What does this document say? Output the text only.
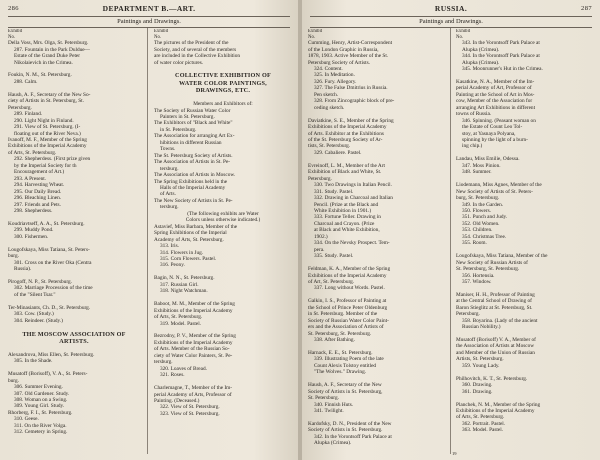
286	DEPARTMENT B.—ART.
Paintings and Drawings.
Exhibit
No.
Della Voss, Mrs. Olga, St. Petersburg.
287. Fountain in the Park Duldue—
Estate of the Grand Duke Peter
Nikolaievich in the Crimea.

Foukin, N. M., St. Petersburg.
288. Calm.

Haush, A. F., Secretary of the New So-
ciety of Artists in St. Petersburg, St.
Petersburg.
289. Finland.
290. Light Night in Finland.
291. View of St. Petersburg. (I-
floating out of the River Neva.)
Ivanoff, M. F., Member of the Spring
Exhibitions of the Imperial Academy
of Arts, St. Petersburg.
292. Shepherdess. (First prize given
by the Imperial Society for th
Encouragement of Art.)
293. A Present.
294. Harvesting Wheat.
295. Our Daily Bread.
296. Bleaching Linen.
297. Friends and Pets.
298. Shepherdess.

Koudriavtseff, A. A., St. Petersburg.
299. Muddy Pond.
300. Fishermen.

Lougofskaya, Miss Tatiana, St. Peters-
burg.
301. Cross on the River Oka (Centra
Russia).

Pirogoff, N. P., St. Petersburg.
302. Marriage Procession of the time
of the "Silent Tsar."

Ter-Minasiants, Ch. D., St. Petersburg.
303. Cow. (Study.)
304. Reindeer. (Study.)

THE MOSCOW ASSOCIATION OF
ARTISTS.

Alexandrova, Miss Ellen, St. Petersburg.
305. In the Shade.

Musatoff (Borisoff), V. A., St. Peters-
burg.
306. Summer Evening.
307. Old Gardener. Study.
308. Woman on a Swing.
309. Young Girl. Study.
Rhorberg, F. I., St. Petersburg.
310. Geese.
311. On the River Volga.
312. Cemetery in Spring.
Exhibit
No.
The pictures of the President of the
Society, and of several of the members
are included in the Collective Exhibition
of water color pictures.

COLLECTIVE EXHIBITION OF
WATER COLOR PAINTINGS,
DRAWINGS, ETC.

Members and Exhibitors of:
The Society of Russian Water Color
Painters in St. Petersburg.
The Exhibitors of "Black and White"
in St. Petersburg.
The Association for arranging Art Ex-
hibitions in different Russian
Towns.
The St. Petersburg Society of Artists.
The Association of Artists in St. Pe-
tersburg.
The Association of Artists in Moscow.
The Spring Exhibitions held in the
Halls of the Imperial Academy
of Arts.
The New Society of Artists in St. Pe-
tersburg.
(The following exhibits are Water
Colors unless otherwise indicated.)
Astavief, Miss Barbara, Member of the
Spring Exhibitions of the Imperial
Academy of Arts, St. Petersburg.
313. Iris.
314. Flowers in Jug.
315. Corn Flowers. Pastel.
316. Peony.

Bagin, N. N., St. Petersburg.
317. Russian Girl.
318. Night Watchman.

Baboot, M. M., Member of the Spring
Exhibitions of the Imperial Academy
of Arts, St. Petersburg.
319. Model. Pastel.

Bezrodny, P. V., Member of the Spring
Exhibitions of the Imperial Academy
of Arts. Member of the Russian So-
ciety of Water Color Painters, St. Pe-
tersburg.
320. Loaves of Bread.
321. Roses.

Charlemagne, T., Member of the Im-
perial Academy of Arts, Professor of
Painting. (Deceased.)
322. View of St. Petersburg.
323. View of St. Petersburg.
RUSSIA.	287
Paintings and Drawings.
Exhibit
No.
Cumming, Henry, Artist-Correspondent
of the London Graphic in Russia,
1878, 1903. Active Member of the St.
Petersburg Society of Artists.
324. Content.
325. In Meditation.
326. Fury. Allegory.
327. The False Dmitrius in Russia.
Pen sketch.
328. From Zincographic block of pre-
ceding sketch.

Daviatkine, S. E., Member of the Spring
Exhibitions of the Imperial Academy
of Arts. Exhibitor at the Exhibitions
of the St. Petersburg Society of Ar-
tists, St. Petersburg.
329. Cabaliere. Pastel.

Evreinoff, L. M., Member of the Art
Exhibition of Black and White, St.
Petersburg.
330. Two Drawings in Italian Pencil.
331. Study. Pastel.
332. Drawing in Charcoal and Italian
Pencil. (Prize at the Black and
White Exhibition in 1901.)
333. Fortune Teller. Drawing in
Charcoal and Crayon. (Prize
at Black and White Exhibition,
1902.)
334. On the Nevsky Prospect. Tem-
pera.
335. Study. Pastel.

Feldman, K. A., Member of the Spring
Exhibitions of the Imperial Academy
of Art, St. Petersburg.
337. Long without Words. Pastel.

Galkin, I. S., Professor of Painting at
the School of Prince Peter Oldenburg
in St. Petersburg. Member of the
Society of Russian Water Color Paint-
ers and the Association of Artists of
St. Petersburg, St. Petersburg.
338. After Bathing.

Harnack, E. E., St. Petersburg.
339. Illustrating Poem of the late
Count Alexis Tolstoy entitled
"The Wolves." Drawing.

Haush, A. F., Secretary of the New
Society of Artists in St. Petersburg,
St. Petersburg.
340. Finnish Huts.
341. Twilight.

Kardofsky, D. N., President of the New
Society of Artists in St. Petersburg.
342. In the Vorontsoff Park Palace at
Alupka (Crimea).
Exhibit
No.
343. In the Vorontsoff Park Palace at
Alupka (Crimea).
344. In the Vorontsoff Park Palace at
Alupka (Crimea).
345. Moonrunner's Hut in the Crimea.

Kasatkine, N. A., Member of the Im-
perial Academy of Art, Professor of
Painting at the School of Art in Mos-
cow, Member of the Association for
arranging Art Exhibitions in different
towns of Russia.
346. Spinning. (Peasant woman on
the Estate of Count Leo Tol-
stoy, at Yasnaya Polyana,
spinning by the light of a burn-
ing chip.)

Landau, Miss Emilie, Odessa.
347. Moss Pinion.
348. Summer.

Liodemann, Miss Agnes, Member of the
New Society of Artists of St. Peters-
burg, St. Petersburg.
349. In the Garden.
350. Flowers.
351. Punch and Judy.
352. Old Women.
353. Children.
354. Christmas Tree.
355. Room.

Lougofskaya, Miss Tatiana, Member of the
New Society of Russian Artists of
St. Petersburg, St. Petersburg.
356. Hortensia.
357. Window.

Maniser, H. H., Professor of Painting
at the Central School of Drawing of
Baron Stieglitz at St. Petersburg, St.
Petersburg.
358. Boyarina. (Lady of the ancient
Russian Nobility.)

Musatoff (Borisoff) V. A., Member of
the Association of Artists at Moscow
and Member of the Union of Russian
Artists, St. Petersburg.
359. Young Lady.

Philhovitch, K. T., St. Petersburg.
360. Drawing.
361. Drawing.

Planchek, N. M., Member of the Spring
Exhibitions of the Imperial Academy
of Arts, St. Petersburg.
362. Portrait. Pastel.
363. Model. Pastel.
19
